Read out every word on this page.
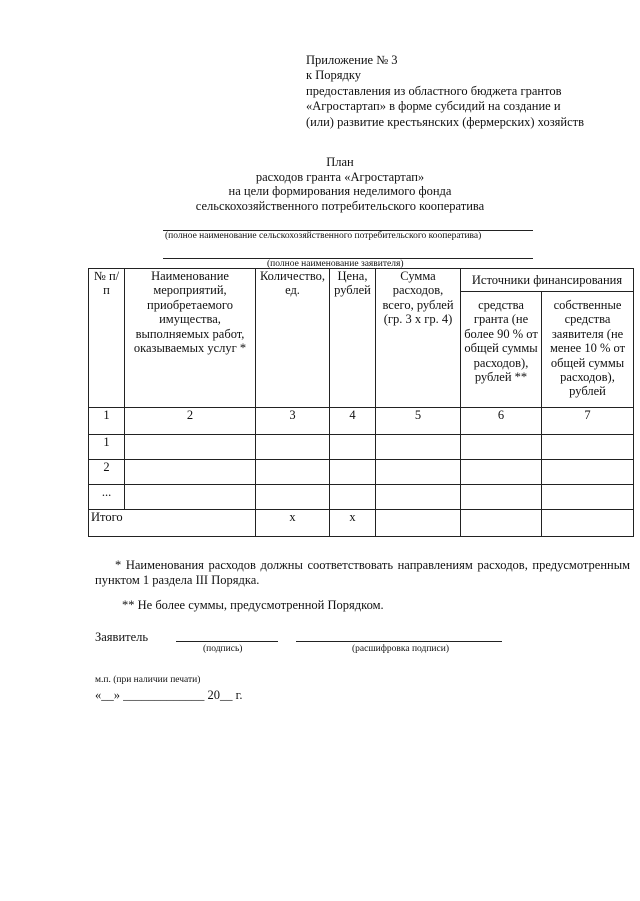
Приложение № 3
к Порядку
предоставления из областного бюджета грантов
«Агростартап» в форме субсидий на создание и
(или) развитие крестьянских (фермерских) хозяйств
План
расходов гранта «Агростартап»
на цели формирования неделимого фонда
сельскохозяйственного потребительского кооператива
(полное наименование сельскохозяйственного потребительского кооператива)
(полное наименование заявителя)
№ п/п	Наименование мероприятий, приобретаемого имущества, выполняемых работ, оказываемых услуг *	Количество, ед.	Цена, рублей	Сумма расходов, всего, рублей (гр. 3 х гр. 4)	Источники финансирования	
					средства гранта (не более 90 % от общей суммы расходов), рублей **	собственные средства заявителя (не менее 10 % от общей суммы расходов), рублей
1	2	3	4	5	6	7
1						
2						
...						
Итого		х	х			
* Наименования расходов должны соответствовать направлениям расходов, предусмотренным пунктом 1 раздела III Порядка.
** Не более суммы, предусмотренной Порядком.
Заявитель
(подпись)	(расшифровка подписи)
м.п. (при наличии печати)
«__» _____________ 20__ г.
